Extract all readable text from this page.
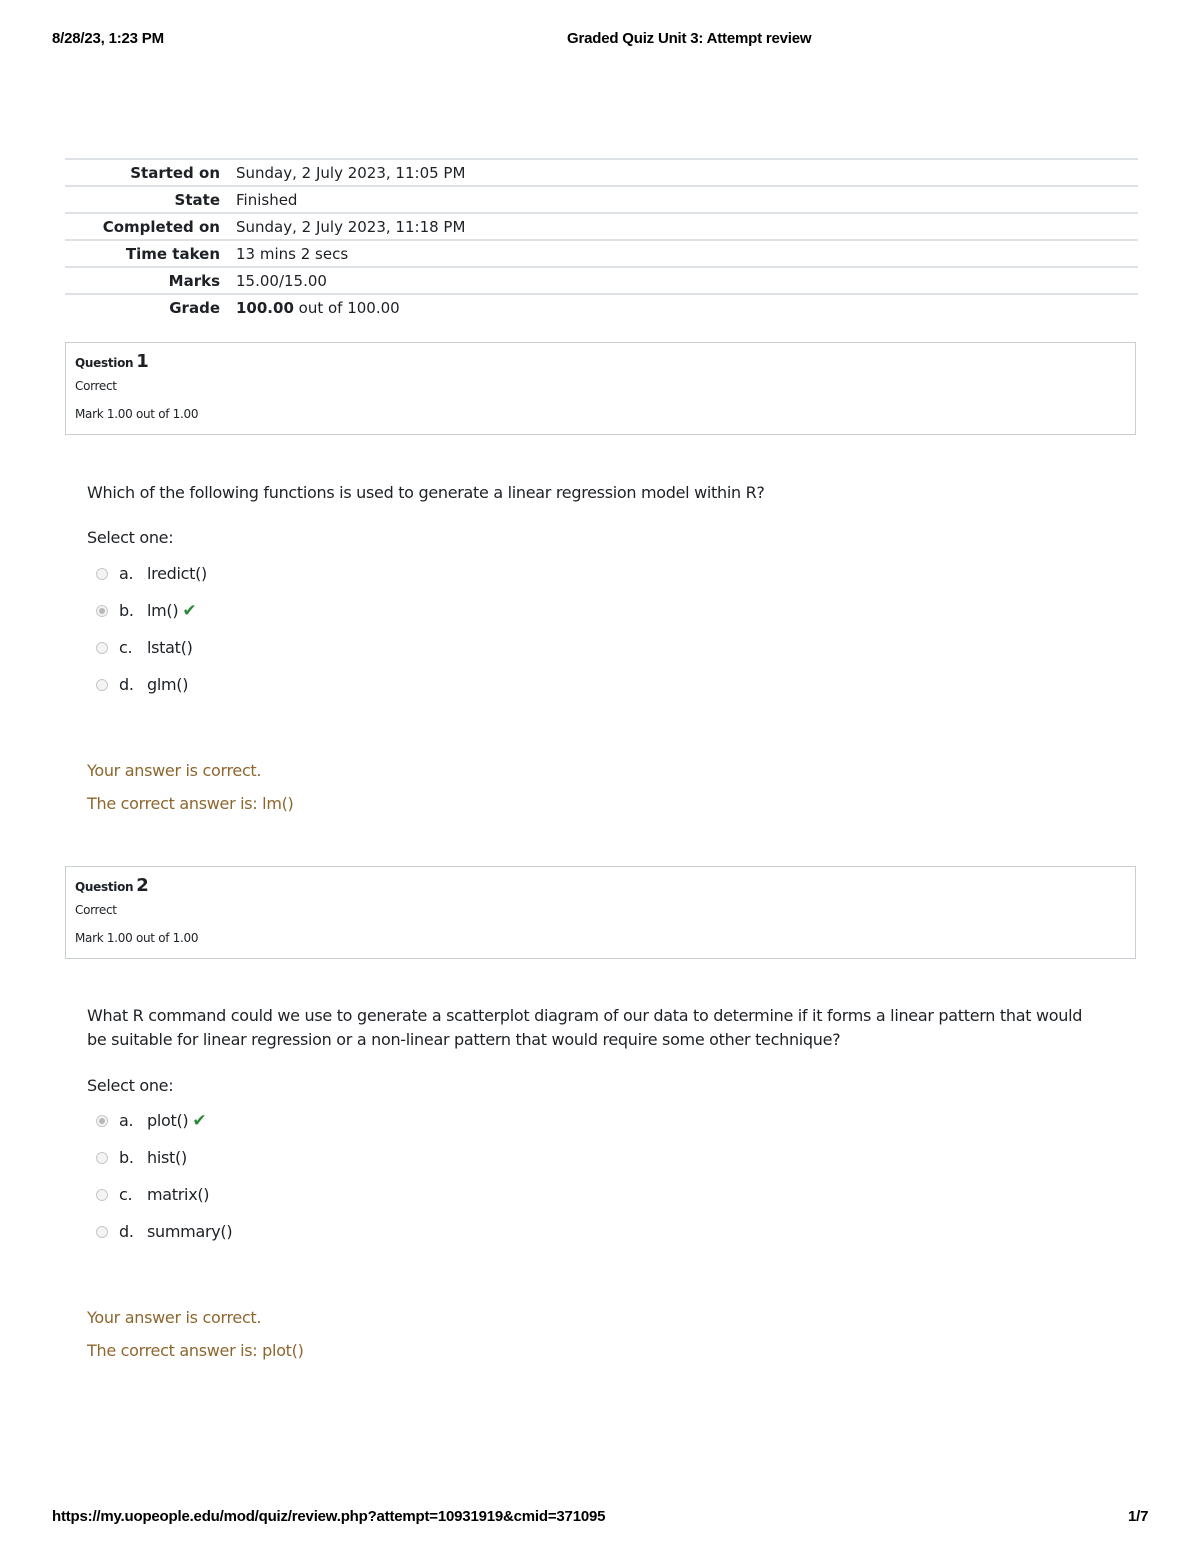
8/28/23, 1:23 PM	Graded Quiz Unit 3: Attempt review
Started on	Sunday, 2 July 2023, 11:05 PM
State	Finished
Completed on	Sunday, 2 July 2023, 11:18 PM
Time taken	13 mins 2 secs
Marks	15.00/15.00
Grade	100.00 out of 100.00
Question 1
Correct
Mark 1.00 out of 1.00
Which of the following functions is used to generate a linear regression model within R?
Select one:
a. lredict()
b. lm() ✔
c. lstat()
d. glm()
Your answer is correct.
The correct answer is: lm()
Question 2
Correct
Mark 1.00 out of 1.00
What R command could we use to generate a scatterplot diagram of our data to determine if it forms a linear pattern that would be suitable for linear regression or a non-linear pattern that would require some other technique?
Select one:
a. plot() ✔
b. hist()
c. matrix()
d. summary()
Your answer is correct.
The correct answer is: plot()
https://my.uopeople.edu/mod/quiz/review.php?attempt=10931919&cmid=371095	1/7
